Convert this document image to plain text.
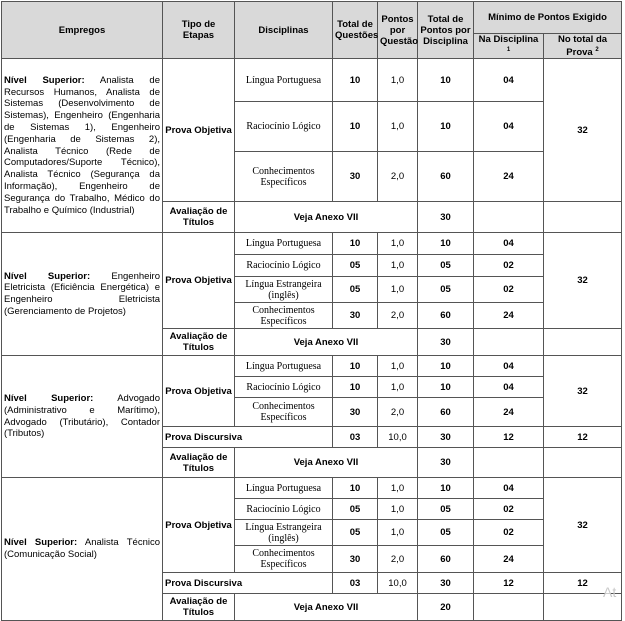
Empregos	Tipo de Etapas	Disciplinas	Total de Questões	Pontos por Questão	Total de Pontos por Disciplina	Mínimo de Pontos Exigido	
						Na Disciplina $^1$	No total da Prova $^2$
Nível Superior: Analista de Recursos Humanos, Analista de Sistemas (Desenvolvimento de Sistemas), Engenheiro (Engenharia de Sistemas 1), Engenheiro (Engenharia de Sistemas 2), Analista Técnico (Rede de Computadores/Suporte Técnico), Analista Técnico (Segurança da Informação), Engenheiro de Segurança do Trabalho, Médico do Trabalho e Químico (Industrial)	Prova Objetiva	Língua Portuguesa	10	1,0	10	04	32
		Raciocínio Lógico	10	1,0	10	04	
		Conhecimentos Específicos	30	2,0	60	24	
	Avaliação de Títulos	Veja Anexo VII			30		
Nível Superior: Engenheiro Eletricista (Eficiência Energética) e Engenheiro Eletricista (Gerenciamento de Projetos)	Prova Objetiva	Língua Portuguesa	10	1,0	10	04	32
		Raciocínio Lógico	05	1,0	05	02	
		Língua Estrangeira (inglês)	05	1,0	05	02	
		Conhecimentos Específicos	30	2,0	60	24	
	Avaliação de Títulos	Veja Anexo VII			30		
Nível Superior: Advogado (Administrativo e Marítimo), Advogado (Tributário), Contador (Tributos)	Prova Objetiva	Língua Portuguesa	10	1,0	10	04	32
		Raciocínio Lógico	10	1,0	10	04	
		Conhecimentos Específicos	30	2,0	60	24	
	Prova Discursiva		03	10,0	30	12	12
	Avaliação de Títulos	Veja Anexo VII			30		
Nível Superior: Analista Técnico (Comunicação Social)	Prova Objetiva	Língua Portuguesa	10	1,0	10	04	32
		Raciocínio Lógico	05	1,0	05	02	
		Língua Estrangeira (inglês)	05	1,0	05	02	
		Conhecimentos Específicos	30	2,0	60	24	
	Prova Discursiva		03	10,0	30	12	12
	Avaliação de Títulos	Veja Anexo VII			20		
At
